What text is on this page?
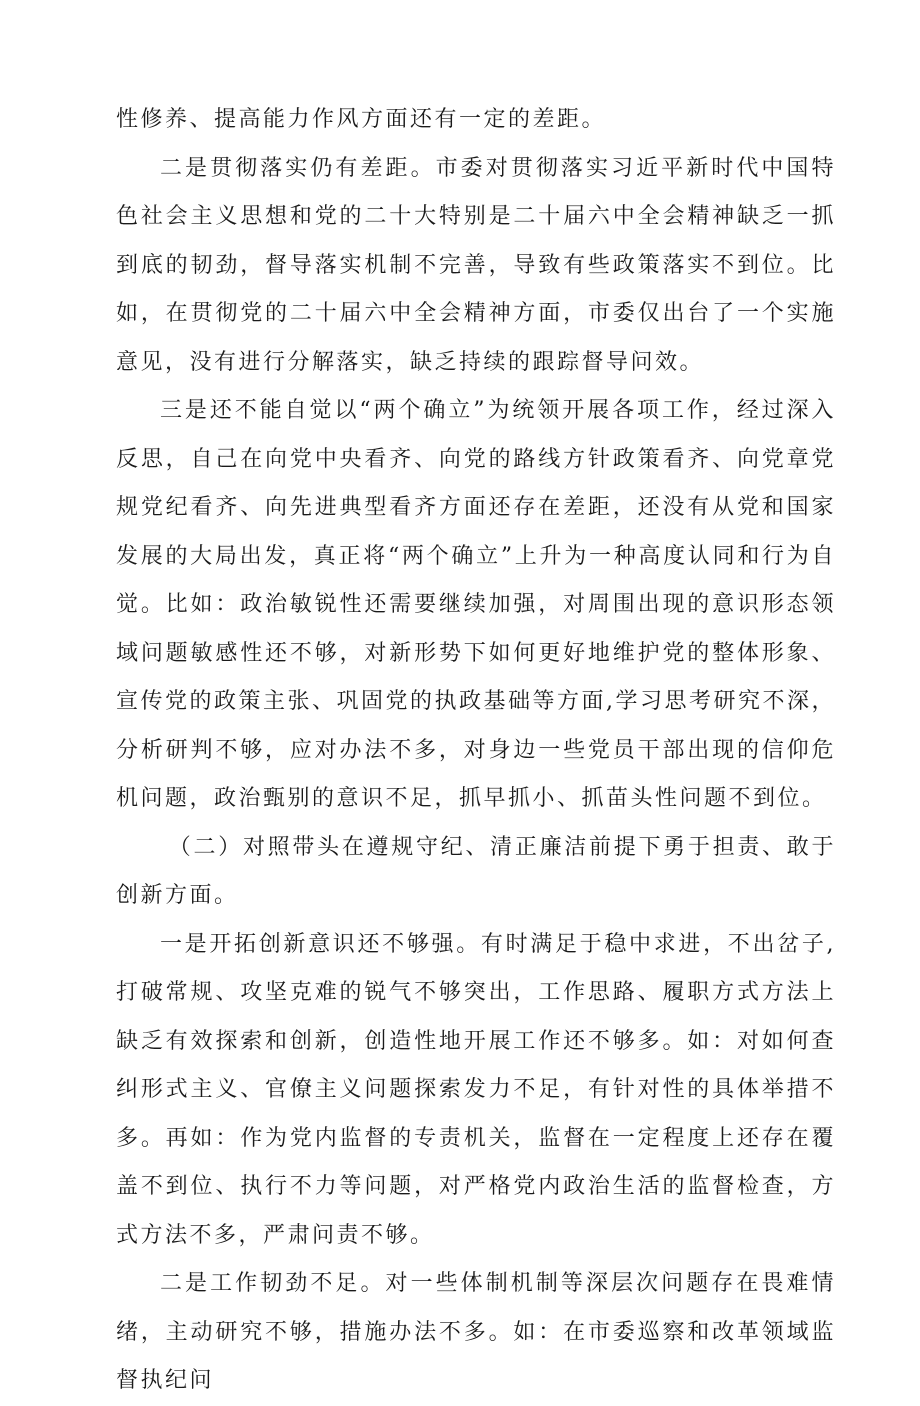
性修养、提高能力作风方面还有一定的差距。

二是贯彻落实仍有差距。市委对贯彻落实习近平新时代中国特色社会主义思想和党的二十大特别是二十届六中全会精神缺乏一抓到底的韧劲，督导落实机制不完善，导致有些政策落实不到位。比如，在贯彻党的二十届六中全会精神方面，市委仅出台了一个实施意见，没有进行分解落实，缺乏持续的跟踪督导问效。

三是还不能自觉以“两个确立”为统领开展各项工作，经过深入反思，自己在向党中央看齐、向党的路线方针政策看齐、向党章党规党纪看齐、向先进典型看齐方面还存在差距，还没有从党和国家发展的大局出发，真正将“两个确立”上升为一种高度认同和行为自觉。比如：政治敏锐性还需要继续加强，对周围出现的意识形态领域问题敏感性还不够，对新形势下如何更好地维护党的整体形象、宣传党的政策主张、巩固党的执政基础等方面,学习思考研究不深，分析研判不够，应对办法不多，对身边一些党员干部出现的信仰危机问题，政治甄别的意识不足，抓早抓小、抓苗头性问题不到位。

（二）对照带头在遵规守纪、清正廉洁前提下勇于担责、敢于创新方面。

一是开拓创新意识还不够强。有时满足于稳中求进，不出岔子,打破常规、攻坚克难的锐气不够突出，工作思路、履职方式方法上缺乏有效探索和创新，创造性地开展工作还不够多。如：对如何查纠形式主义、官僚主义问题探索发力不足，有针对性的具体举措不多。再如：作为党内监督的专责机关，监督在一定程度上还存在覆盖不到位、执行不力等问题，对严格党内政治生活的监督检查，方式方法不多，严肃问责不够。

二是工作韧劲不足。对一些体制机制等深层次问题存在畏难情绪，主动研究不够，措施办法不多。如：在市委巡察和改革领域监督执纪问
